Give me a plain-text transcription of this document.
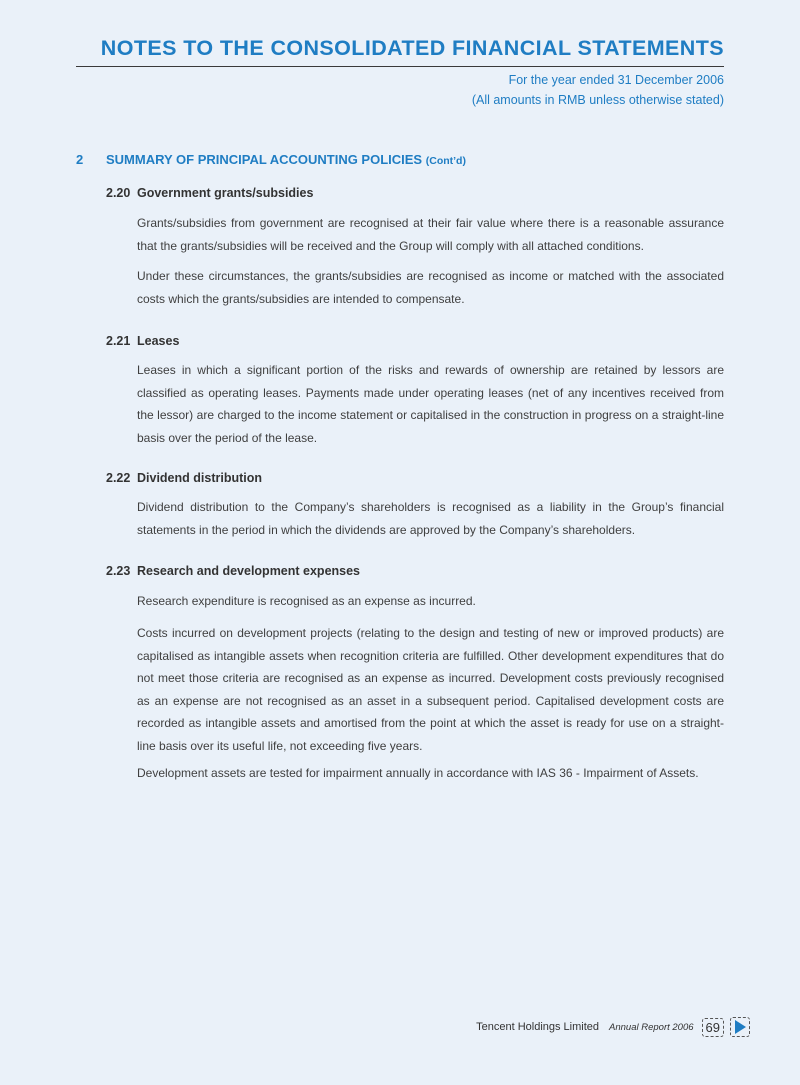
NOTES TO THE CONSOLIDATED FINANCIAL STATEMENTS
For the year ended 31 December 2006
(All amounts in RMB unless otherwise stated)
2 SUMMARY OF PRINCIPAL ACCOUNTING POLICIES (Cont’d)
2.20 Government grants/subsidies

Grants/subsidies from government are recognised at their fair value where there is a reasonable assurance that the grants/subsidies will be received and the Group will comply with all attached conditions.

Under these circumstances, the grants/subsidies are recognised as income or matched with the associated costs which the grants/subsidies are intended to compensate.

2.21 Leases

Leases in which a significant portion of the risks and rewards of ownership are retained by lessors are classified as operating leases. Payments made under operating leases (net of any incentives received from the lessor) are charged to the income statement or capitalised in the construction in progress on a straight-line basis over the period of the lease.

2.22 Dividend distribution

Dividend distribution to the Company’s shareholders is recognised as a liability in the Group’s financial statements in the period in which the dividends are approved by the Company’s shareholders.

2.23 Research and development expenses

Research expenditure is recognised as an expense as incurred.

Costs incurred on development projects (relating to the design and testing of new or improved products) are capitalised as intangible assets when recognition criteria are fulfilled. Other development expenditures that do not meet those criteria are recognised as an expense as incurred. Development costs previously recognised as an expense are not recognised as an asset in a subsequent period. Capitalised development costs are recorded as intangible assets and amortised from the point at which the asset is ready for use on a straight-line basis over its useful life, not exceeding five years.

Development assets are tested for impairment annually in accordance with IAS 36 - Impairment of Assets.

Tencent Holdings Limited Annual Report 2006 69
